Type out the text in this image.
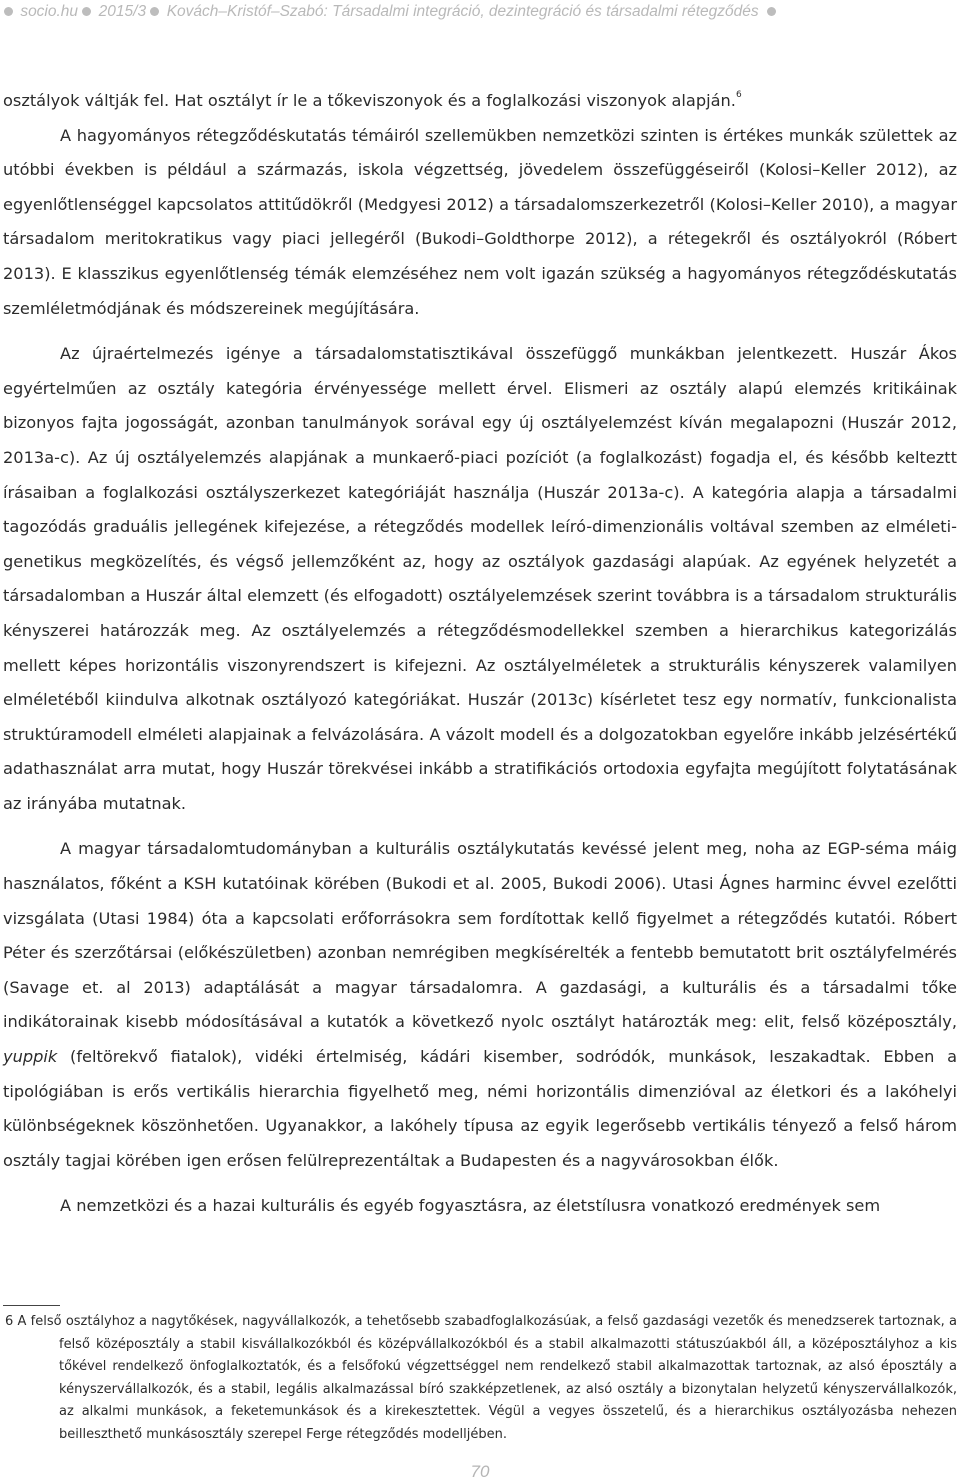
socio.hu 2015/3 Kovách–Kristóf–Szabó: Társadalmi integráció, dezintegráció és társadalmi rétegződés

osztályok váltják fel. Hat osztályt ír le a tőkeviszonyok és a foglalkozási viszonyok alapján.$^6$

A hagyományos rétegződéskutatás témáiról szellemükben nemzetközi szinten is értékes munkák születtek az utóbbi években is például a származás, iskola végzettség, jövedelem összefüggéseiről (Kolosi–Keller 2012), az egyenlőtlenséggel kapcsolatos attitűdökről (Medgyesi 2012) a társadalomszerkezetről (Kolosi–Keller 2010), a magyar társadalom meritokratikus vagy piaci jellegéről (Bukodi–Goldthorpe 2012), a rétegekről és osztályokról (Róbert 2013). E klasszikus egyenlőtlenség témák elemzéséhez nem volt igazán szükség a hagyományos rétegződéskutatás szemléletmódjának és módszereinek megújítására.

Az újraértelmezés igénye a társadalomstatisztikával összefüggő munkákban jelentkezett. Huszár Ákos egyértelműen az osztály kategória érvényessége mellett érvel. Elismeri az osztály alapú elemzés kritikáinak bizonyos fajta jogosságát, azonban tanulmányok sorával egy új osztályelemzést kíván megalapozni (Huszár 2012, 2013a-c). Az új osztályelemzés alapjának a munkaerő-piaci pozíciót (a foglalkozást) fogadja el, és később kelteztt írásaiban a foglalkozási osztályszerkezet kategóriáját használja (Huszár 2013a-c). A kategória alapja a társadalmi tagozódás graduális jellegének kifejezése, a rétegződés modellek leíró-dimenzionális voltával szemben az elméleti-genetikus megközelítés, és végső jellemzőként az, hogy az osztályok gazdasági alapúak. Az egyének helyzetét a társadalomban a Huszár által elemzett (és elfogadott) osztályelemzések szerint továbbra is a társadalom strukturális kényszerei határozzák meg. Az osztályelemzés a rétegződésmodellekkel szemben a hierarchikus kategorizálás mellett képes horizontális viszonyrendszert is kifejezni. Az osztályelméletek a strukturális kényszerek valamilyen elméletéből kiindulva alkotnak osztályozó kategóriákat. Huszár (2013c) kísérletet tesz egy normatív, funkcionalista struktúramodell elméleti alapjainak a felvázolására. A vázolt modell és a dolgozatokban egyelőre inkább jelzésértékű adathasználat arra mutat, hogy Huszár törekvései inkább a stratifikációs ortodoxia egyfajta megújított folytatásának az irányába mutatnak.

A magyar társadalomtudományban a kulturális osztálykutatás kevéssé jelent meg, noha az EGP-séma máig használatos, főként a KSH kutatóinak körében (Bukodi et al. 2005, Bukodi 2006). Utasi Ágnes harminc évvel ezelőtti vizsgálata (Utasi 1984) óta a kapcsolati erőforrásokra sem fordítottak kellő figyelmet a rétegződés kutatói. Róbert Péter és szerzőtársai (előkészületben) azonban nemrégiben megkísérelték a fentebb bemutatott brit osztályfelmérés (Savage et. al 2013) adaptálását a magyar társadalomra. A gazdasági, a kulturális és a társadalmi tőke indikátorainak kisebb módosításával a kutatók a következő nyolc osztályt határozták meg: elit, felső középosztály, yuppik (feltörekvő fiatalok), vidéki értelmiség, kádári kisember, sodródók, munkások, leszakadtak. Ebben a tipológiában is erős vertikális hierarchia figyelhető meg, némi horizontális dimenzióval az életkori és a lakóhelyi különbségeknek köszönhetően. Ugyanakkor, a lakóhely típusa az egyik legerősebb vertikális tényező a felső három osztály tagjai körében igen erősen felülreprezentáltak a Budapesten és a nagyvárosokban élők.

A nemzetközi és a hazai kulturális és egyéb fogyasztásra, az életstílusra vonatkozó eredmények sem

6 A felső osztályhoz a nagytőkések, nagyvállalkozók, a tehetősebb szabadfoglalkozásúak, a felső gazdasági vezetők és menedzserek tartoznak, a felső középosztály a stabil kisvállalkozókból és középvállalkozókból és a stabil alkalmazotti státuszúakból áll, a középosztályhoz a kis tőkével rendelkező önfoglalkoztatók, és a felsőfokú végzettséggel nem rendelkező stabil alkalmazottak tartoznak, az alsó éposztály a kényszervállalkozók, és a stabil, legális alkalmazással bíró szakképzetlenek, az alsó osztály a bizonytalan helyzetű kényszervállalkozók, az alkalmi munkások, a feketemunkások és a kirekesztettek. Végül a vegyes összetelű, és a hierarchikus osztályozásba nehezen beilleszthető munkásosztály szerepel Ferge rétegződés modelljében.
70
